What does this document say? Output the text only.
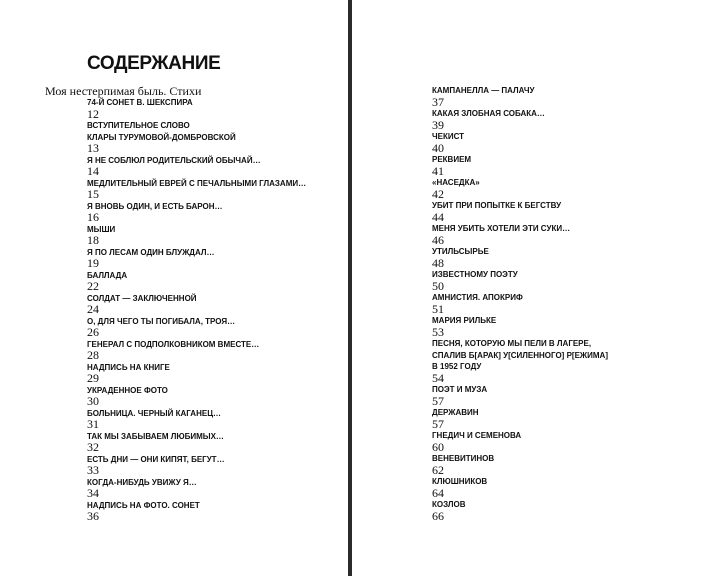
СОДЕРЖАНИЕ
Моя нестерпимая быль. Стихи
74-Й СОНЕТ В. ШЕКСПИРА
12
ВСТУПИТЕЛЬНОЕ СЛОВО
КЛАРЫ ТУРУМОВОЙ-ДОМБРОВСКОЙ
13
Я НЕ СОБЛЮЛ РОДИТЕЛЬСКИЙ ОБЫЧАЙ…
14
МЕДЛИТЕЛЬНЫЙ ЕВРЕЙ С ПЕЧАЛЬНЫМИ ГЛАЗАМИ…
15
Я ВНОВЬ ОДИН, И ЕСТЬ БАРОН…
16
МЫШИ
18
Я ПО ЛЕСАМ ОДИН БЛУЖДАЛ…
19
БАЛЛАДА
22
СОЛДАТ — ЗАКЛЮЧЕННОЙ
24
О, ДЛЯ ЧЕГО ТЫ ПОГИБАЛА, ТРОЯ…
26
ГЕНЕРАЛ С ПОДПОЛКОВНИКОМ ВМЕСТЕ…
28
НАДПИСЬ НА КНИГЕ
29
УКРАДЕННОЕ ФОТО
30
БОЛЬНИЦА. ЧЕРНЫЙ КАГАНЕЦ…
31
ТАК МЫ ЗАБЫВАЕМ ЛЮБИМЫХ…
32
ЕСТЬ ДНИ — ОНИ КИПЯТ, БЕГУТ…
33
КОГДА-НИБУДЬ УВИЖУ Я…
34
НАДПИСЬ НА ФОТО. СОНЕТ
36
КАМПАНЕЛЛА — ПАЛАЧУ
37
КАКАЯ ЗЛОБНАЯ СОБАКА…
39
ЧЕКИСТ
40
РЕКВИЕМ
41
«НАСЕДКА»
42
УБИТ ПРИ ПОПЫТКЕ К БЕГСТВУ
44
МЕНЯ УБИТЬ ХОТЕЛИ ЭТИ СУКИ…
46
УТИЛЬСЫРЬЕ
48
ИЗВЕСТНОМУ ПОЭТУ
50
АМНИСТИЯ. АПОКРИФ
51
МАРИЯ РИЛЬКЕ
53
ПЕСНЯ, КОТОРУЮ МЫ ПЕЛИ В ЛАГЕРЕ,
СПАЛИВ Б[АРАК] У[СИЛЕННОГО] Р[ЕЖИМА]
В 1952 ГОДУ
54
ПОЭТ И МУЗА
57
ДЕРЖАВИН
57
ГНЕДИЧ И СЕМЕНОВА
60
ВЕНЕВИТИНОВ
62
КЛЮШНИКОВ
64
КОЗЛОВ
66
